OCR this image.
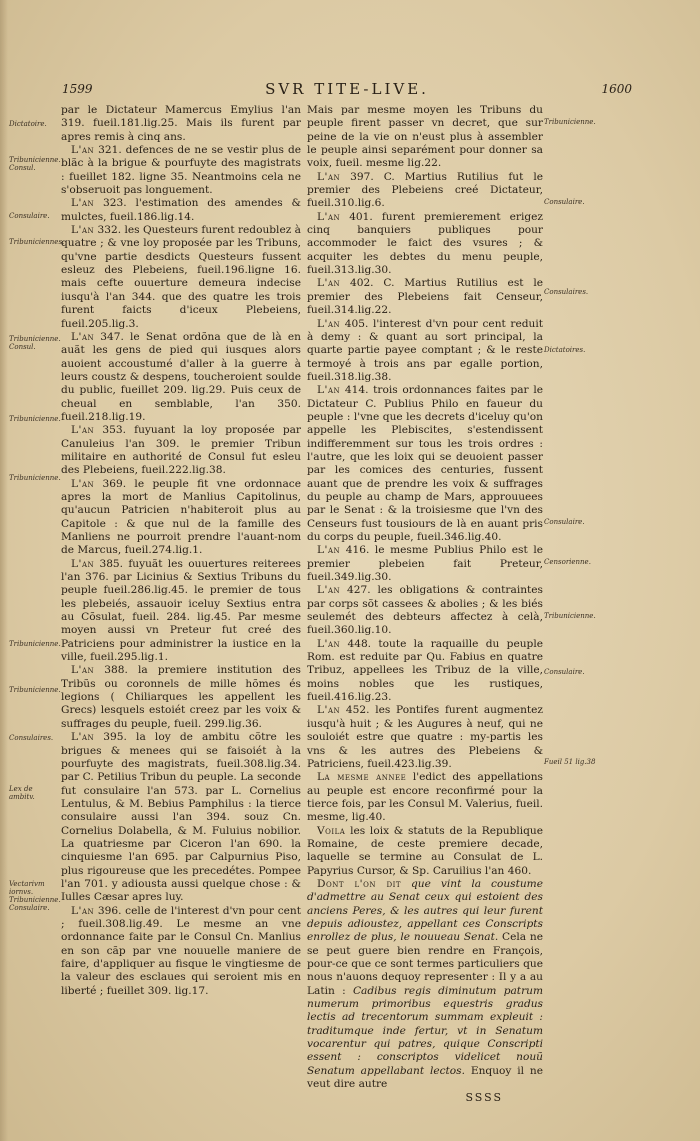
1599	SVR TITE-LIVE.	1600

par le Dictateur Mamercus Emylius l'an 319. fueil.181.lig.25. Mais ils furent par apres remis à cinq ans.

L'an 321. defences de ne se vestir plus de blãc à la brigue & pourfuyte des magistrats : fueillet 182. ligne 35. Neantmoins cela ne s'obseruoit pas longuement.

L'an 323. l'estimation des amendes & mulctes, fueil.186.lig.14.

L'an 332. les Questeurs furent redoublez à quatre ; & vne loy proposée par les Tribuns, qu'vne partie desdicts Questeurs fussent esleuz des Plebeiens, fueil.196.ligne 16. mais cefte ouuerture demeura indecise iusqu'à l'an 344. que des quatre les trois furent faicts d'iceux Plebeiens, fueil.205.lig.3.

L'an 347. le Senat ordõna que de là en auãt les gens de pied qui iusques alors auoient accoustumé d'aller à la guerre à leurs coustz & despens, toucheroient soulde du public, fueillet 209. lig.29. Puis ceux de cheual en semblable, l'an 350. fueil.218.lig.19.

L'an 353. fuyuant la loy proposée par Canuleius l'an 309. le premier Tribun militaire en authorité de Consul fut esleu des Plebeiens, fueil.222.lig.38.

L'an 369. le peuple fit vne ordonnace apres la mort de Manlius Capitolinus, qu'aucun Patricien n'habiteroit plus au Capitole : & que nul de la famille des Manliens ne pourroit prendre l'auant-nom de Marcus, fueil.274.lig.1.

L'an 385. fuyuãt les ouuertures reiterees l'an 376. par Licinius & Sextius Tribuns du peuple fueil.286.lig.45. le premier de tous les plebeiés, assauoir iceluy Sextius entra au Cõsulat, fueil. 284. lig.45. Par mesme moyen aussi vn Preteur fut creé des Patriciens pour administrer la iustice en la ville, fueil.295.lig.1.

L'an 388. la premiere institution des Tribũs ou coronnels de mille hõmes és legions ( Chiliarques les appellent les Grecs) lesquels estoiét creez par les voix & suffrages du peuple, fueil. 299.lig.36.

L'an 395. la loy de ambitu cõtre les brigues & menees qui se faisoiét à la pourfuyte des magistrats, fueil.308.lig.34. par C. Petilius Tribun du peuple. La seconde fut consulaire l'an 573. par L. Cornelius Lentulus, & M. Bebius Pamphilus : la tierce consulaire aussi l'an 394. souz Cn. Cornelius Dolabella, & M. Fuluius nobilior. La quatriesme par Ciceron l'an 690. la cinquiesme l'an 695. par Calpurnius Piso, plus rigoureuse que les precedétes. Pompee l'an 701. y adiousta aussi quelque chose : & Iulles Cæsar apres luy.

L'an 396. celle de l'interest d'vn pour cent ; fueil.308.lig.49. Le mesme an vne ordonnance faite par le Consul Cn. Manlius en son cãp par vne nouuelle maniere de faire, d'appliquer au fisque le vingtiesme de la valeur des esclaues qui seroient mis en liberté ; fueillet 309. lig.17.

Mais par mesme moyen les Tribuns du peuple firent passer vn decret, que sur peine de la vie on n'eust plus à assembler le peuple ainsi separément pour donner sa voix, fueil. mesme lig.22.

L'an 397. C. Martius Rutilius fut le premier des Plebeiens creé Dictateur, fueil.310.lig.6.

L'an 401. furent premierement erigez cinq banquiers publiques pour accommoder le faict des vsures ; & acquiter les debtes du menu peuple, fueil.313.lig.30.

L'an 402. C. Martius Rutilius est le premier des Plebeiens fait Censeur, fueil.314.lig.22.

L'an 405. l'interest d'vn pour cent reduit à demy : & quant au sort principal, la quarte partie payee comptant ; & le reste termoyé à trois ans par egalle portion, fueil.318.lig.38.

L'an 414. trois ordonnances faites par le Dictateur C. Publius Philo en faueur du peuple : l'vne que les decrets d'iceluy qu'on appelle les Plebiscites, s'estendissent indifferemment sur tous les trois ordres : l'autre, que les loix qui se deuoient passer par les comices des centuries, fussent auant que de prendre les voix & suffrages du peuple au champ de Mars, approuuees par le Senat : & la troisiesme que l'vn des Censeurs fust tousiours de là en auant pris du corps du peuple, fueil.346.lig.40.

L'an 416. le mesme Publius Philo est le premier plebeien fait Preteur, fueil.349.lig.30.

L'an 427. les obligations & contraintes par corps sõt cassees & abolies ; & les biés seulemét des debteurs affectez à celà, fueil.360.lig.10.

L'an 448. toute la raquaille du peuple Rom. est reduite par Qu. Fabius en quatre Tribuz, appellees les Tribuz de la ville, moins nobles que les rustiques, fueil.416.lig.23.

L'an 452. les Pontifes furent augmentez iusqu'à huit ; & les Augures à neuf, qui ne souloiét estre que quatre : my-partis les vns & les autres des Plebeiens & Patriciens, fueil.423.lig.39.

La mesme annee l'edict des appellations au peuple est encore reconfirmé pour la tierce fois, par les Consul M. Valerius, fueil. mesme, lig.40.

Voila les loix & statuts de la Republique Romaine, de ceste premiere decade, laquelle se termine au Consulat de L. Papyrius Cursor, & Sp. Caruilius l'an 460.

Dont l'on dit que vint la coustume d'admettre au Senat ceux qui estoient des anciens Peres, & les autres qui leur furent depuis adioustez, appellant ces Conscripts enrollez de plus, le nouueau Senat. Cela ne se peut guere bien rendre en François, pour-ce que ce sont termes particuliers que nous n'auons dequoy representer : Il y a au Latin : Cadibus regis diminutum patrum numerum primoribus equestris gradus lectis ad trecentorum summam expleuit : traditumque inde fertur, vt in Senatum vocarentur qui patres, quique Conscripti essent : conscriptos videlicet nouũ Senatum appellabant lectos. Enquoy il ne veut dire autre

SSSS

Dictatoire.
Tribunicienne. Consul.
Consulaire.
Tribuniciennes.
Tribunicienne. Consul.
Tribunicienne.
Tribunicienne.
Tribunicienne.
Tribunicienne.
Consulaires.
Lex de ambitv.
Vectarivm iornvs. Tribunicienne. Consulaire.
Tribunicienne.
Consulaire.
Consulaires.
Dictatoires.
Consulaire.
Censorienne.
Tribunicienne.
Consulaire.
Fueil 51 lig.38
